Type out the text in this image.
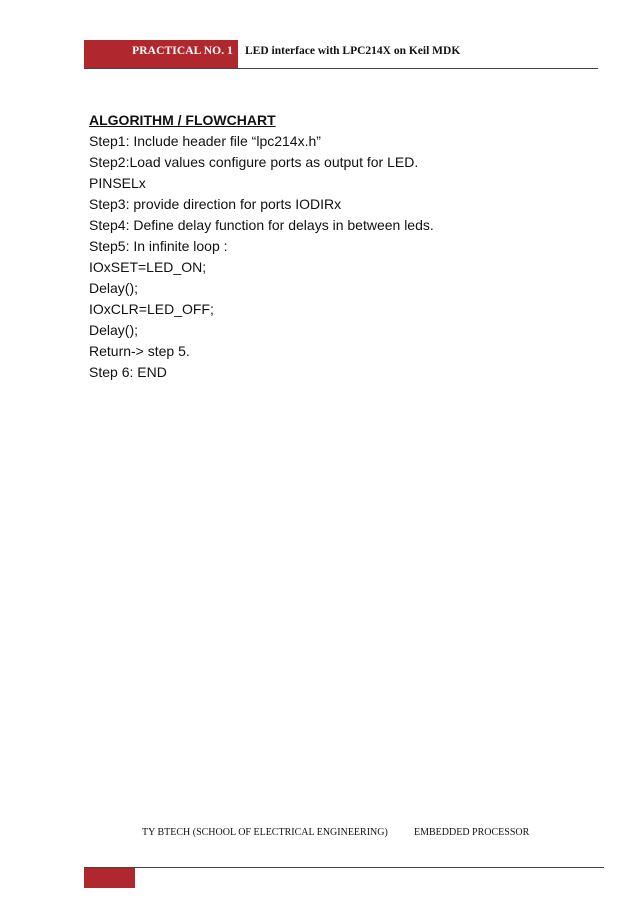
PRACTICAL NO. 1	LED interface with LPC214X on Keil MDK
ALGORITHM / FLOWCHART
Step1: Include header file “lpc214x.h”
Step2:Load values configure ports as output for LED.
PINSELx
Step3: provide direction for ports IODIRx
Step4: Define delay function for delays in between leds.
Step5: In infinite loop :
IOxSET=LED_ON;
Delay();
IOxCLR=LED_OFF;
Delay();
Return-> step 5.
Step 6: END
TY BTECH (SCHOOL OF ELECTRICAL ENGINEERING)	EMBEDDED PROCESSOR
